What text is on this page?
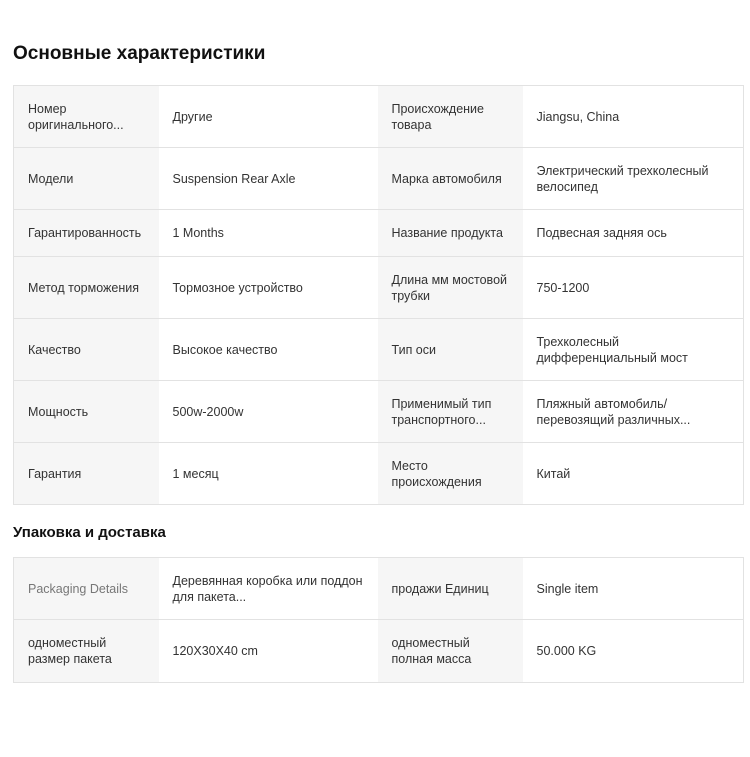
Основные характеристики
Номер оригинального...	Другие	Происхождение товара	Jiangsu, China
Модели	Suspension Rear Axle	Марка автомобиля	Электрический трехколесный велосипед
Гарантированность	1 Months	Название продукта	Подвесная задняя ось
Метод торможения	Тормозное устройство	Длина мм мостовой трубки	750-1200
Качество	Высокое качество	Тип оси	Трехколесный дифференциальный мост
Мощность	500w-2000w	Применимый тип транспортного...	Пляжный автомобиль/ перевозящий различных...
Гарантия	1 месяц	Место происхождения	Китай
Упаковка и доставка
Packaging Details	Деревянная коробка или поддон для пакета...	продажи Единиц	Single item
одноместный размер пакета	120X30X40 cm	одноместный полная масса	50.000 KG
